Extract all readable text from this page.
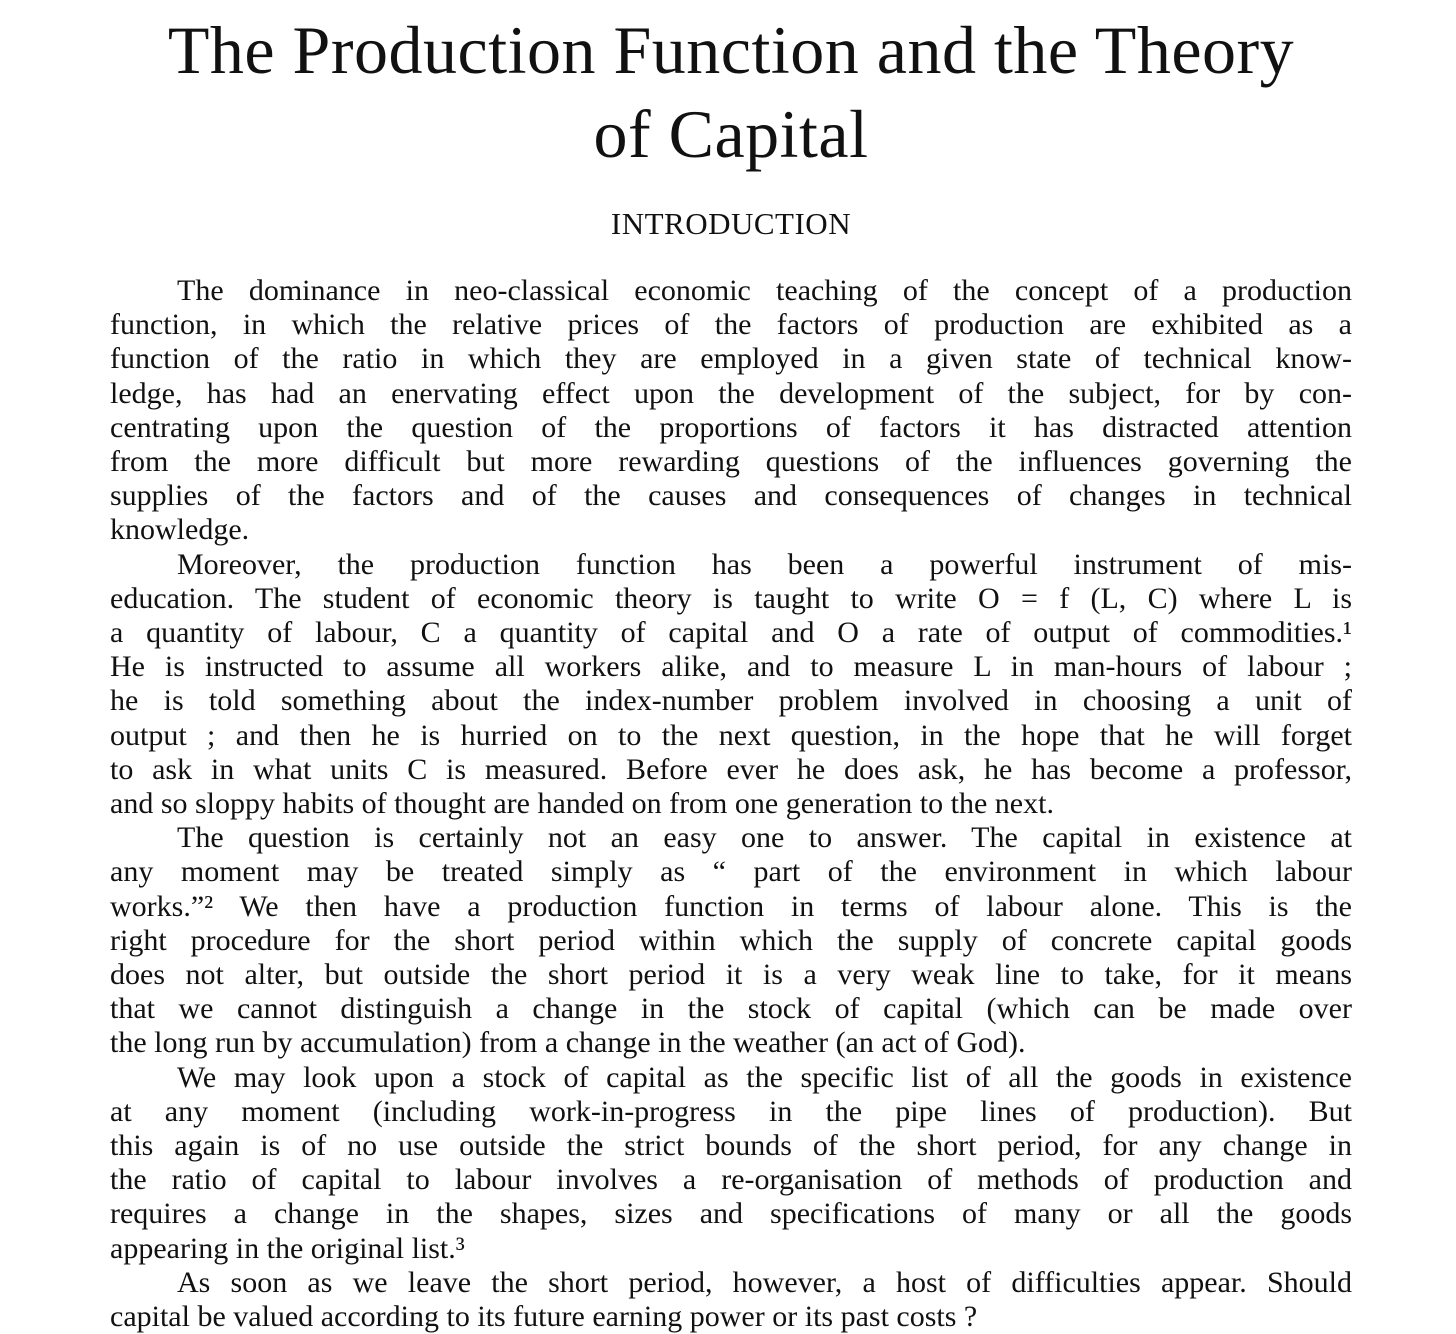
The Production Function and the Theory
of Capital
INTRODUCTION

The dominance in neo-classical economic teaching of the concept of a production
function, in which the relative prices of the factors of production are exhibited as a
function of the ratio in which they are employed in a given state of technical know-
ledge, has had an enervating effect upon the development of the subject, for by con-
centrating upon the question of the proportions of factors it has distracted attention
from the more difficult but more rewarding questions of the influences governing the
supplies of the factors and of the causes and consequences of changes in technical
knowledge.

Moreover, the production function has been a powerful instrument of mis-
education. The student of economic theory is taught to write O = f (L, C) where L is
a quantity of labour, C a quantity of capital and O a rate of output of commodities.¹
He is instructed to assume all workers alike, and to measure L in man-hours of labour ;
he is told something about the index-number problem involved in choosing a unit of
output ; and then he is hurried on to the next question, in the hope that he will forget
to ask in what units C is measured. Before ever he does ask, he has become a professor,
and so sloppy habits of thought are handed on from one generation to the next.

The question is certainly not an easy one to answer. The capital in existence at
any moment may be treated simply as “ part of the environment in which labour
works.”² We then have a production function in terms of labour alone. This is the
right procedure for the short period within which the supply of concrete capital goods
does not alter, but outside the short period it is a very weak line to take, for it means
that we cannot distinguish a change in the stock of capital (which can be made over
the long run by accumulation) from a change in the weather (an act of God).

We may look upon a stock of capital as the specific list of all the goods in existence
at any moment (including work-in-progress in the pipe lines of production). But
this again is of no use outside the strict bounds of the short period, for any change in
the ratio of capital to labour involves a re-organisation of methods of production and
requires a change in the shapes, sizes and specifications of many or all the goods
appearing in the original list.³

As soon as we leave the short period, however, a host of difficulties appear. Should
capital be valued according to its future earning power or its past costs ?
